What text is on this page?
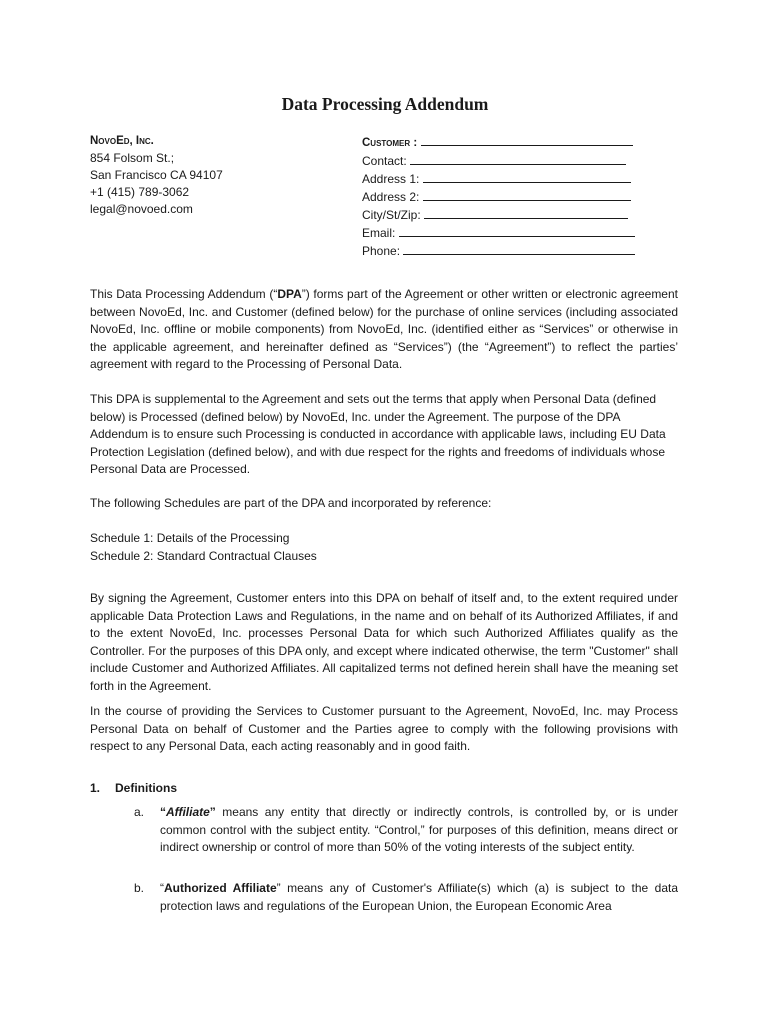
Data Processing Addendum
NovoEd, Inc.
854 Folsom St.;
San Francisco CA 94107
+1 (415) 789-3062
legal@novoed.com
Customer :
Contact:
Address 1:
Address 2:
City/St/Zip:
Email:
Phone:

This Data Processing Addendum (“DPA”) forms part of the Agreement or other written or electronic agreement between NovoEd, Inc. and Customer (defined below) for the purchase of online services (including associated NovoEd, Inc. offline or mobile components) from NovoEd, Inc. (identified either as “Services” or otherwise in the applicable agreement, and hereinafter defined as “Services”) (the “Agreement”) to reflect the parties’ agreement with regard to the Processing of Personal Data.

This DPA is supplemental to the Agreement and sets out the terms that apply when Personal Data (defined below) is Processed (defined below) by NovoEd, Inc. under the Agreement. The purpose of the DPA Addendum is to ensure such Processing is conducted in accordance with applicable laws, including EU Data Protection Legislation (defined below), and with due respect for the rights and freedoms of individuals whose Personal Data are Processed.

The following Schedules are part of the DPA and incorporated by reference:

Schedule 1: Details of the Processing

Schedule 2: Standard Contractual Clauses

By signing the Agreement, Customer enters into this DPA on behalf of itself and, to the extent required under applicable Data Protection Laws and Regulations, in the name and on behalf of its Authorized Affiliates, if and to the extent NovoEd, Inc. processes Personal Data for which such Authorized Affiliates qualify as the Controller. For the purposes of this DPA only, and except where indicated otherwise, the term "Customer" shall include Customer and Authorized Affiliates. All capitalized terms not defined herein shall have the meaning set forth in the Agreement.

In the course of providing the Services to Customer pursuant to the Agreement, NovoEd, Inc. may Process Personal Data on behalf of Customer and the Parties agree to comply with the following provisions with respect to any Personal Data, each acting reasonably and in good faith.

1. Definitions
a. “Affiliate” means any entity that directly or indirectly controls, is controlled by, or is under common control with the subject entity. “Control,” for purposes of this definition, means direct or indirect ownership or control of more than 50% of the voting interests of the subject entity.
b. “Authorized Affiliate” means any of Customer's Affiliate(s) which (a) is subject to the data protection laws and regulations of the European Union, the European Economic Area
